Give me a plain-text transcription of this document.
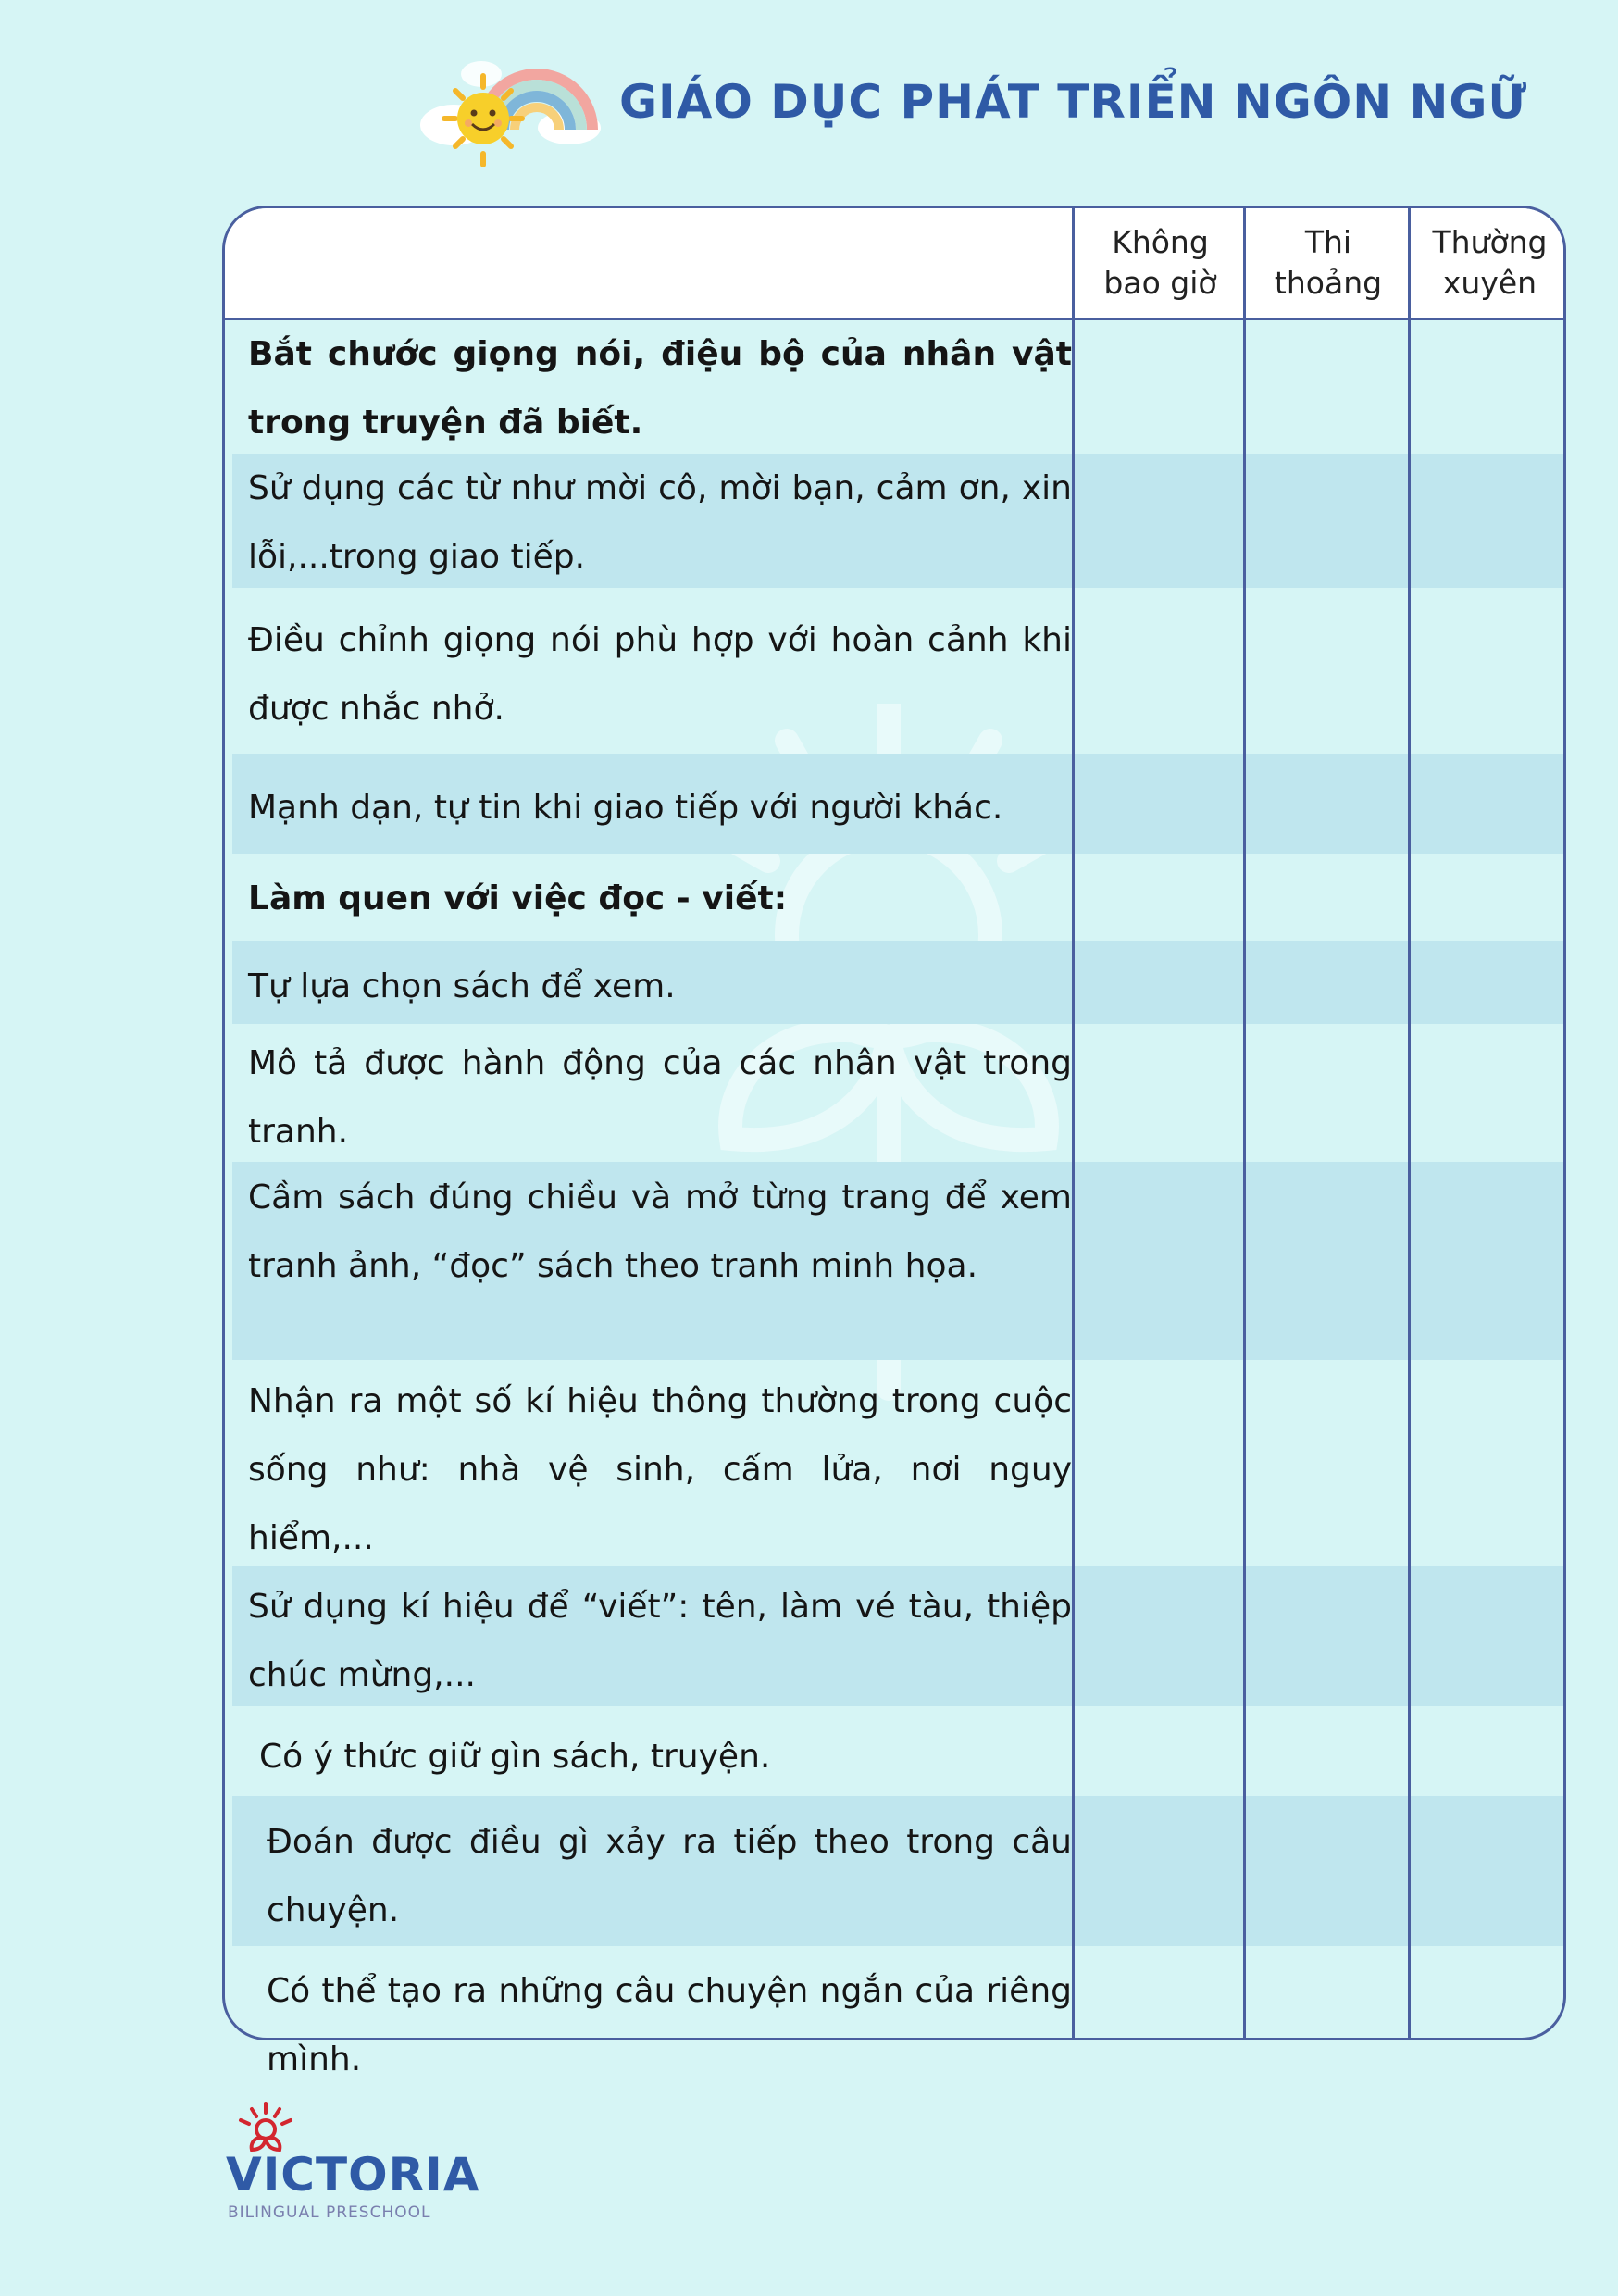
GIÁO DỤC PHÁT TRIỂN NGÔN NGỮ
Không
bao giờ
Thi
thoảng
Thường
xuyên
Bắt chước giọng nói, điệu bộ của nhân vật trong truyện đã biết.
Sử dụng các từ như mời cô, mời bạn, cảm ơn, xin lỗi,...trong giao tiếp.
Điều chỉnh giọng nói phù hợp với hoàn cảnh khi được nhắc nhở.
Mạnh dạn, tự tin khi giao tiếp với người khác.
Làm quen với việc đọc - viết:
Tự lựa chọn sách để xem.
Mô tả được hành động của các nhân vật trong tranh.
Cầm sách đúng chiều và mở từng trang để xem tranh ảnh, “đọc” sách theo tranh minh họa.
Nhận ra một số kí hiệu thông thường trong cuộc sống như: nhà vệ sinh, cấm lửa, nơi nguy hiểm,...
Sử dụng kí hiệu để “viết”: tên, làm vé tàu, thiệp chúc mừng,...
Có ý thức giữ gìn sách, truyện.
Đoán được điều gì xảy ra tiếp theo trong câu chuyện.
Có thể tạo ra những câu chuyện ngắn của riêng mình.
VICTORIA
BILINGUAL PRESCHOOL
